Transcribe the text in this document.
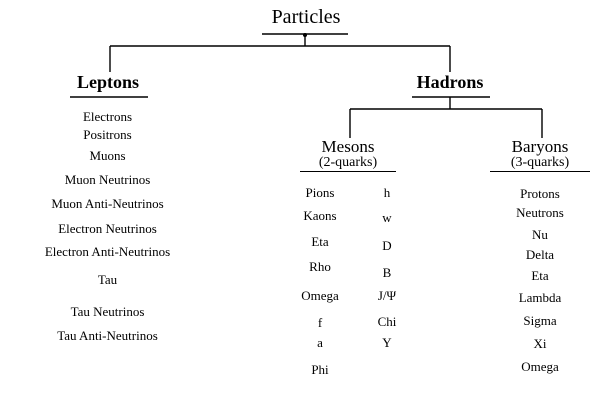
Particles
Leptons
Electrons
Positrons
Muons
Muon Neutrinos
Muon Anti-Neutrinos
Electron Neutrinos
Electron Anti-Neutrinos
Tau
Tau Neutrinos
Tau Anti-Neutrinos
Hadrons
Mesons
(2-quarks)
Pions
Kaons
Eta
Rho
Omega
f
a
Phi
h
w
D
B
J/Ψ
Chi
Υ
Baryons
(3-quarks)
Protons
Neutrons
Nu
Delta
Eta
Lambda
Sigma
Xi
Omega
